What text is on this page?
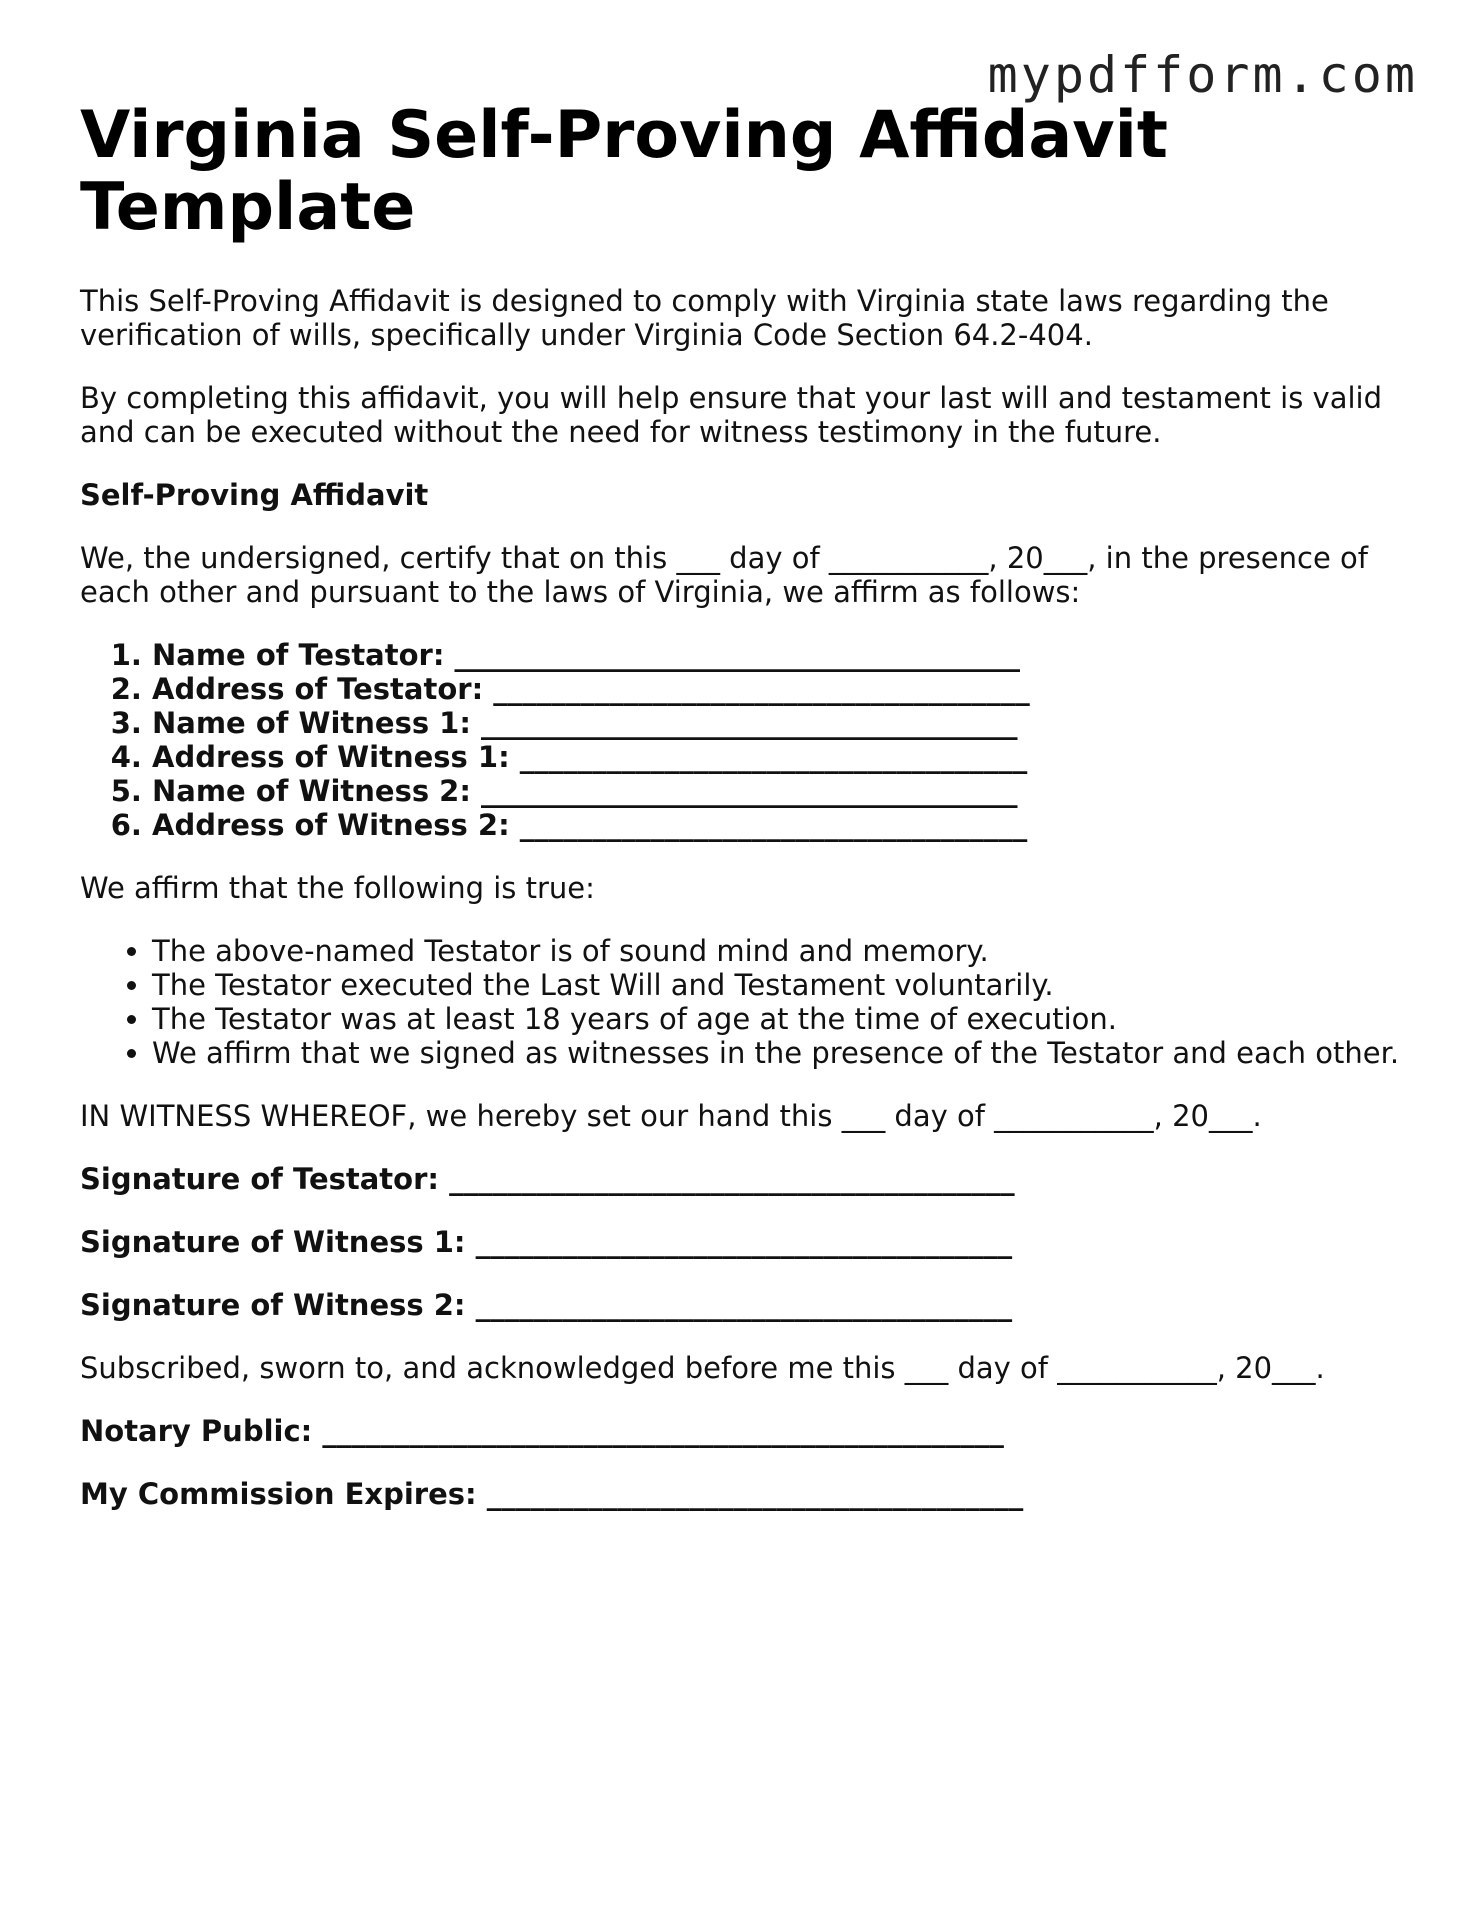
mypdfform.com
Virginia Self-Proving Affidavit Template

This Self-Proving Affidavit is designed to comply with Virginia state laws regarding the verification of wills, specifically under Virginia Code Section 64.2-404.

By completing this affidavit, you will help ensure that your last will and testament is valid and can be executed without the need for witness testimony in the future.

Self-Proving Affidavit

We, the undersigned, certify that on this ___ day of ___________, 20___, in the presence of each other and pursuant to the laws of Virginia, we affirm as follows:

1. Name of Testator: _______________________________________
2. Address of Testator: _____________________________________
3. Name of Witness 1: _____________________________________
4. Address of Witness 1: ___________________________________
5. Name of Witness 2: _____________________________________
6. Address of Witness 2: ___________________________________

We affirm that the following is true:

• The above-named Testator is of sound mind and memory.
• The Testator executed the Last Will and Testament voluntarily.
• The Testator was at least 18 years of age at the time of execution.
• We affirm that we signed as witnesses in the presence of the Testator and each other.

IN WITNESS WHEREOF, we hereby set our hand this ___ day of ___________, 20___.

Signature of Testator: _______________________________________

Signature of Witness 1: _____________________________________

Signature of Witness 2: _____________________________________

Subscribed, sworn to, and acknowledged before me this ___ day of ___________, 20___.

Notary Public: _______________________________________________

My Commission Expires: _____________________________________
